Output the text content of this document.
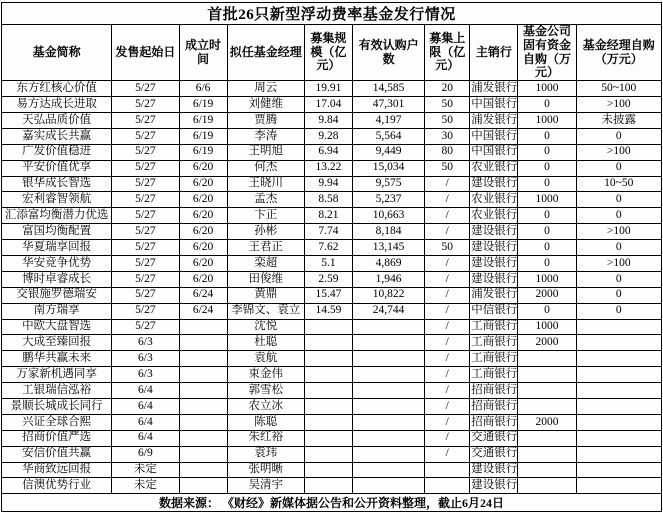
首批26只新型浮动费率基金发行情况									
基金简称	发售起始日	成立时间	拟任基金经理	募集规模（亿元）	有效认购户数	募集上限（亿元）	主销行	基金公司固有资金自购（万元）	基金经理自购（万元）
东方红核心价值	5/27	6/6	周云	19.91	14,585	20	浦发银行	1000	50~100
易方达成长进取	5/27	6/19	刘健维	17.04	47,301	50	中国银行	0	>100
天弘品质价值	5/27	6/19	贾腾	9.84	4,197	50	浦发银行	1000	未披露
嘉实成长共赢	5/27	6/19	李涛	9.28	5,564	30	中国银行	0	0
广发价值稳进	5/27	6/19	王明旭	6.94	9,449	80	中国银行	0	>100
平安价值优享	5/27	6/20	何杰	13.22	15,034	50	农业银行	0	0
银华成长智选	5/27	6/20	王晓川	9.94	9,575	/	建设银行	0	10~50
宏利睿智领航	5/27	6/20	孟杰	8.58	5,237	/	农业银行	1000	0
汇添富均衡潜力优选	5/27	6/20	卞正	8.21	10,663	/	农业银行	0	0
富国均衡配置	5/27	6/20	孙彬	7.74	8,184	/	建设银行	0	>100
华夏瑞享回报	5/27	6/20	王君正	7.62	13,145	50	建设银行	0	0
华安竞争优势	5/27	6/20	栾超	5.1	4,869	/	建设银行	0	>100
博时卓睿成长	5/27	6/20	田俊维	2.59	1,946	/	建设银行	1000	0
交银施罗德瑞安	5/27	6/24	黄鼎	15.47	10,822	/	浦发银行	2000	0
南方瑞享	5/27	6/24	李锦文、袁立	14.59	24,744	/	中信银行	0	0
中欧大盘智选	5/27		沈悦			/	工商银行	1000	
大成至臻回报	6/3		杜聪			/	工商银行	2000	
鹏华共赢未来	6/3		袁航			/	工商银行		
万家新机遇同享	6/3		束金伟			/	工商银行		
工银瑞信泓裕	6/4		郭雪松			/	招商银行		
景顺长城成长同行	6/4		农立冰			/	招商银行		
兴证全球合熙	6/4		陈聪			/	招商银行	2000	
招商价值严选	6/4		朱红裕			/	交通银行		
安信价值共赢	6/9		袁玮			/	交通银行		
华商致远回报	未定		张明晰				建设银行		
信澳优势行业	未定		吴清宇				建设银行		
数据来源： 《财经》新媒体据公告和公开资料整理，截止6月24日									
